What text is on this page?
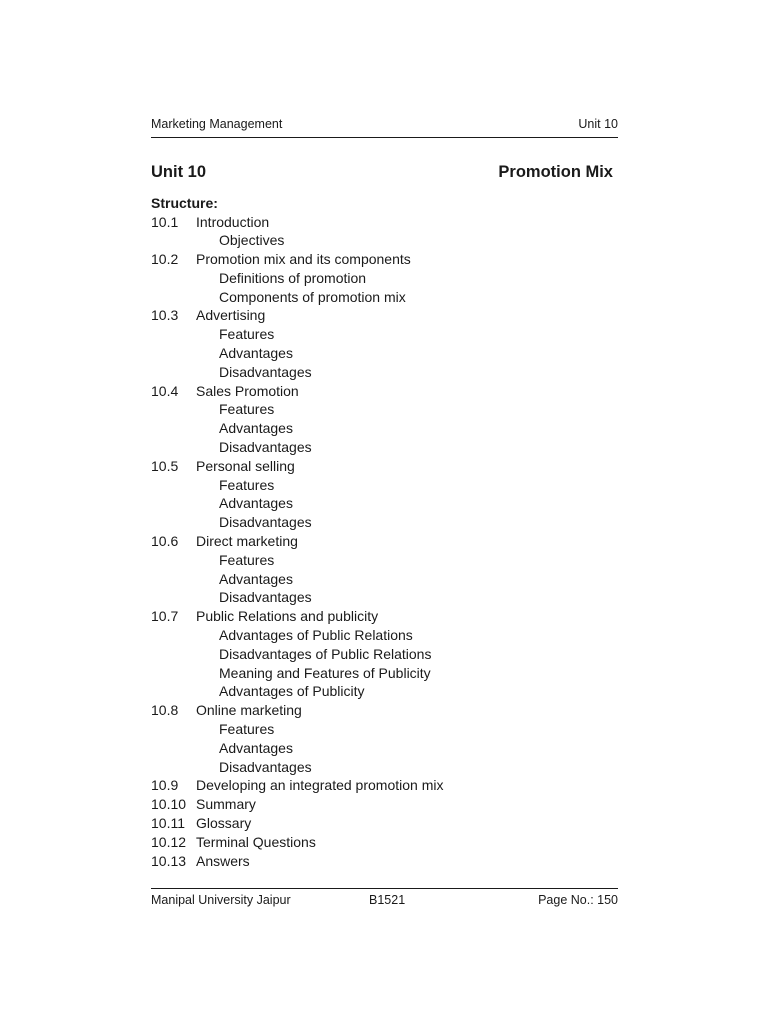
Marketing Management	Unit 10
Unit 10	Promotion Mix
Structure:
10.1 Introduction
Objectives
10.2 Promotion mix and its components
Definitions of promotion
Components of promotion mix
10.3 Advertising
Features
Advantages
Disadvantages
10.4 Sales Promotion
Features
Advantages
Disadvantages
10.5 Personal selling
Features
Advantages
Disadvantages
10.6 Direct marketing
Features
Advantages
Disadvantages
10.7 Public Relations and publicity
Advantages of Public Relations
Disadvantages of Public Relations
Meaning and Features of Publicity
Advantages of Publicity
10.8 Online marketing
Features
Advantages
Disadvantages
10.9 Developing an integrated promotion mix
10.10 Summary
10.11 Glossary
10.12 Terminal Questions
10.13 Answers
Manipal University Jaipur	B1521	Page No.: 150
